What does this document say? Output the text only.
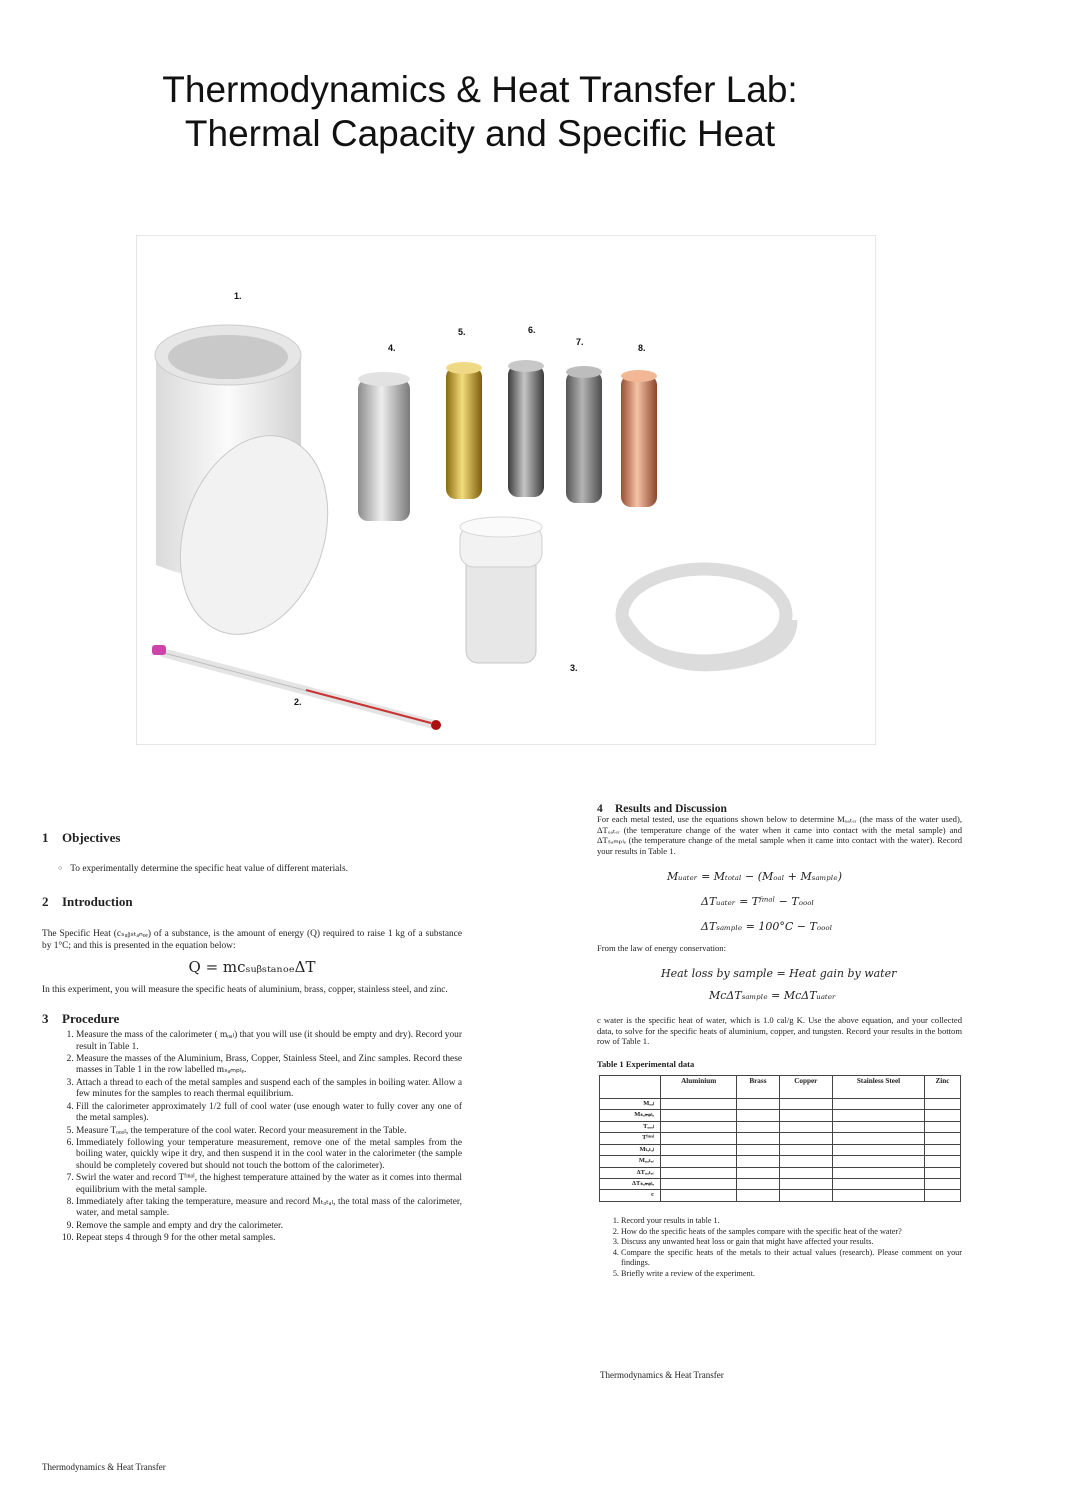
Thermodynamics & Heat Transfer Lab:
Thermal Capacity and Specific Heat
1.
2.
3.
4.
5.	6.
7.
8.
1 Objectives
○ To experimentally determine the specific heat value of different materials.
2 Introduction

The Specific Heat (cₛᵤᵦₛₜₐₙₒₑ) of a substance, is the amount of energy (Q) required to raise 1 kg of a substance by 1°C; and this is presented in the equation below:

Q = mcₛᵤᵦₛₜₐₙₒₑΔT

In this experiment, you will measure the specific heats of aluminium, brass, copper, stainless steel, and zinc.

3 Procedure
1. Measure the mass of the calorimeter ( mₒₐₗ) that you will use (it should be empty and dry). Record your result in Table 1.
2. Measure the masses of the Aluminium, Brass, Copper, Stainless Steel, and Zinc samples. Record these masses in Table 1 in the row labelled mₛₐₘₚₗₑ.
3. Attach a thread to each of the metal samples and suspend each of the samples in boiling water. Allow a few minutes for the samples to reach thermal equilibrium.
4. Fill the calorimeter approximately 1/2 full of cool water (use enough water to fully cover any one of the metal samples).
5. Measure Tₒₒₒₗ, the temperature of the cool water. Record your measurement in the Table.
6. Immediately following your temperature measurement, remove one of the metal samples from the boiling water, quickly wipe it dry, and then suspend it in the cool water in the calorimeter (the sample should be completely covered but should not touch the bottom of the calorimeter).
7. Swirl the water and record Tᶠᶦⁿᵃˡ, the highest temperature attained by the water as it comes into thermal equilibrium with the metal sample.
8. Immediately after taking the temperature, measure and record Mₜₒₜₐₗ, the total mass of the calorimeter, water, and metal sample.
9. Remove the sample and empty and dry the calorimeter.
10. Repeat steps 4 through 9 for the other metal samples.
4 Results and Discussion

For each metal tested, use the equations shown below to determine Mᵤₐₜₑᵣ (the mass of the water used), ΔTᵤₐₜₑᵣ (the temperature change of the water when it came into contact with the metal sample) and ΔTₛₐₘₚₗₑ (the temperature change of the metal sample when it came into contact with the water). Record your results in Table 1.

Mᵤₐₜₑᵣ = Mₜₒₜₐₗ − (Mₒₐₗ + Mₛₐₘₚₗₑ)
ΔTᵤₐₜₑᵣ = Tᶠᶦⁿᵃˡ − Tₒₒₒₗ
ΔTₛₐₘₚₗₑ = 100°C − Tₒₒₒₗ

From the law of energy conservation:

Heat loss by sample = Heat gain by water
McΔTₛₐₘₚₗₑ = McΔTᵤₐₜₑᵣ

c water is the specific heat of water, which is 1.0 cal/g K. Use the above equation, and your collected data, to solve for the specific heats of aluminium, copper, and tungsten. Record your results in the bottom row of Table 1.

Table 1 Experimental data
	Aluminium	Brass	Copper	Stainless Steel	Zinc
Mₒₐₗ					
Mₛₐₘₚₗₑ					
Tₒₒₒₗ					
Tᶠᶦⁿᵃˡ					
Mₜₒₜₐₗ					
Mᵤₐₜₑᵣ					
ΔTᵤₐₜₑᵣ					
ΔTₛₐₘₚₗₑ					
c					
1. Record your results in table 1.
2. How do the specific heats of the samples compare with the specific heat of the water?
3. Discuss any unwanted heat loss or gain that might have affected your results.
4. Compare the specific heats of the metals to their actual values (research). Please comment on your findings.
5. Briefly write a review of the experiment.
Thermodynamics & Heat Transfer
Thermodynamics & Heat Transfer
